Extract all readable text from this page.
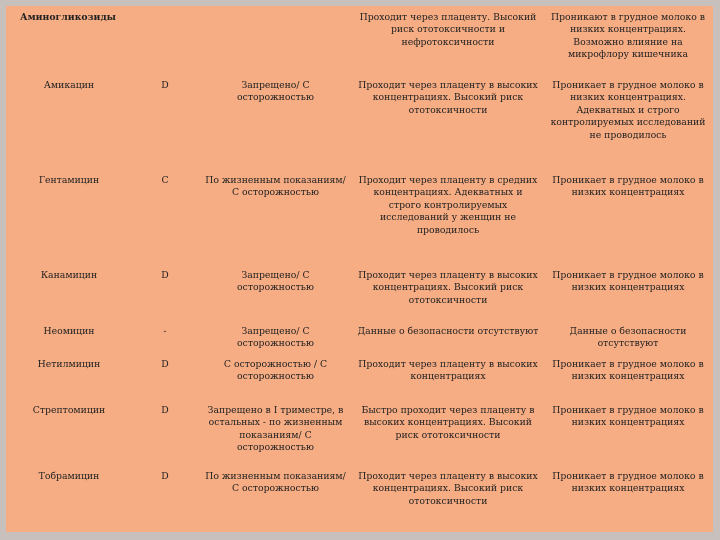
Аминогликозиды			Проходит через плаценту. Высокий риск ототоксичности и нефротоксичности	Проникают в грудное молоко в низких концентрациях. Возможно влияние на микрофлору кишечника
Амикацин	D	Запрещено/ С осторожностью	Проходит через плаценту в высоких концентрациях. Высокий риск ототоксичности	Проникает в грудное молоко в низких концентрациях. Адекватных и строго контролируемых исследований не проводилось
Гентамицин	C	По жизненным показаниям/ С осторожностью	Проходит через плаценту в средних концентрациях. Адекватных и строго контролируемых исследований у женщин не проводилось	Проникает в грудное молоко в низких концентрациях
Канамицин	D	Запрещено/ С осторожностью	Проходит через плаценту в высоких концентрациях. Высокий риск ототоксичности	Проникает в грудное молоко в низких концентрациях
Неомицин	-	Запрещено/ С осторожностью	Данные о безопасности отсутствуют	Данные о безопасности отсутствуют
Нетилмицин	D	С осторожностью / С осторожностью	Проходит через плаценту в высоких концентрациях	Проникает в грудное молоко в низких концентрациях
Стрептомицин	D	Запрещено в I триместре, в остальных - по жизненным показаниям/ С осторожностью	Быстро проходит через плаценту в высоких концентрациях. Высокий риск ототоксичности	Проникает в грудное молоко в низких концентрациях
Тобрамицин	D	По жизненным показаниям/ С осторожностью	Проходит через плаценту в высоких концентрациях. Высокий риск ототоксичности	Проникает в грудное молоко в низких концентрациях
